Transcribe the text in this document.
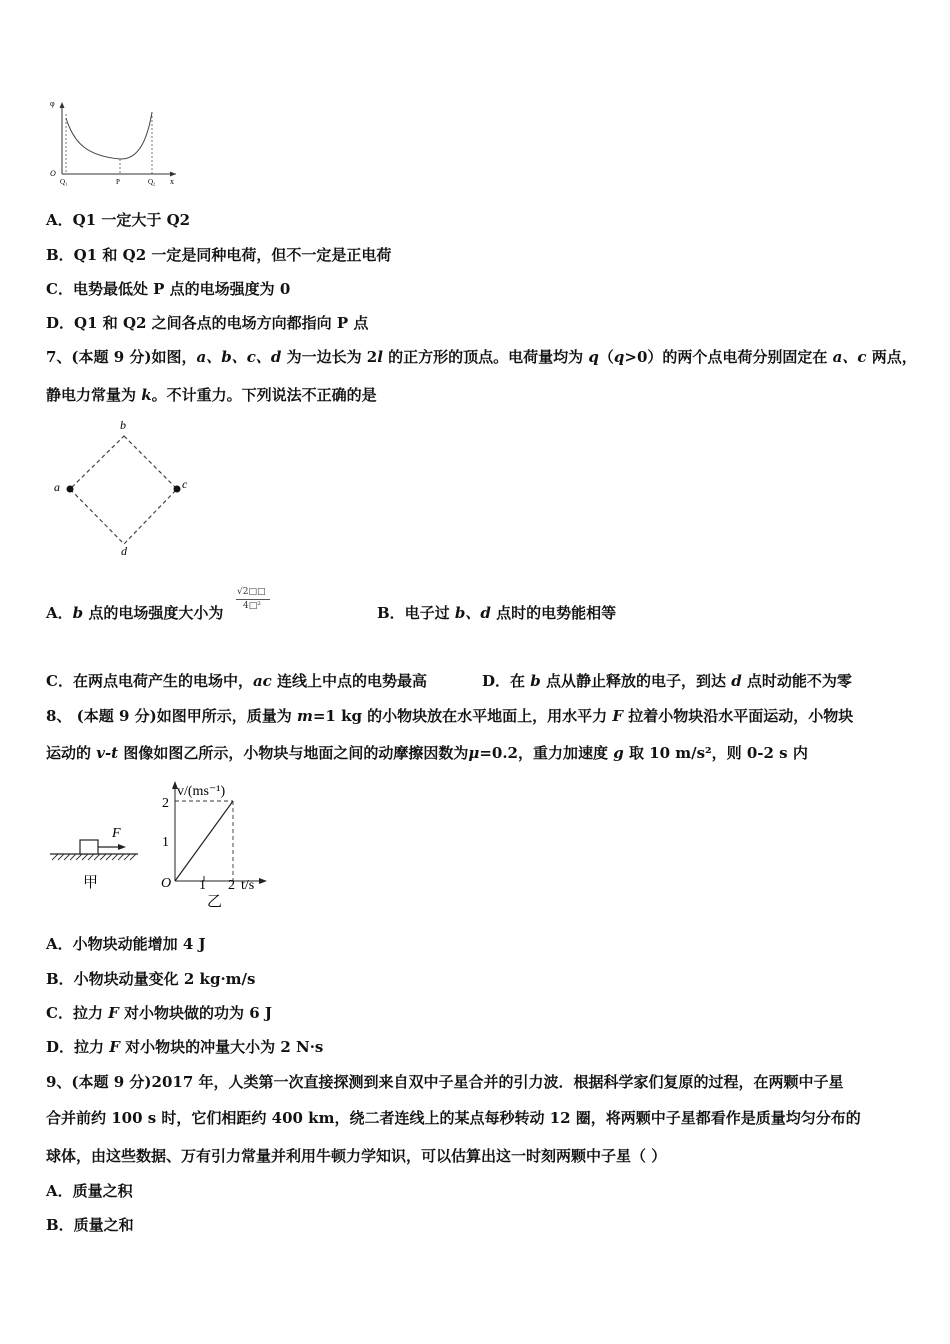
φ
O
Q₁	P	Q₂ x
A．Q1 一定大于 Q2
B．Q1 和 Q2 一定是同种电荷，但不一定是正电荷
C．电势最低处 P 点的电场强度为 0
D．Q1 和 Q2 之间各点的电场方向都指向 P 点
7、(本题 9 分)如图，a、b、c、d 为一边长为 2l 的正方形的顶点。电荷量均为 q（q>0）的两个点电荷分别固定在 a、c 两点，
静电力常量为 k。不计重力。下列说法不正确的是
b
a	c
d
A．b 点的电场强度大小为
√2□□
4□²	B．电子过 b、d 点时的电势能相等
C．在两点电荷产生的电场中，ac 连线上中点的电势最高	D．在 b 点从静止释放的电子，到达 d 点时动能不为零
8、 (本题 9 分)如图甲所示，质量为 m=1 kg 的小物块放在水平地面上，用水平力 F 拉着小物块沿水平面运动，小物块
运动的 v-t 图像如图乙所示，小物块与地面之间的动摩擦因数为μ=0.2，重力加速度 g 取 10 m/s²，则 0-2 s 内
F
甲
v/(ms⁻¹)
2
1
O 1 2 t/s
乙
A．小物块动能增加 4 J
B．小物块动量变化 2 kg·m/s
C．拉力 F 对小物块做的功为 6 J
D．拉力 F 对小物块的冲量大小为 2 N·s
9、(本题 9 分)2017 年，人类第一次直接探测到来自双中子星合并的引力波．根据科学家们复原的过程，在两颗中子星
合并前约 100 s 时，它们相距约 400 km，绕二者连线上的某点每秒转动 12 圈，将两颗中子星都看作是质量均匀分布的
球体，由这些数据、万有引力常量并利用牛顿力学知识，可以估算出这一时刻两颗中子星（ ）
A．质量之积
B．质量之和
